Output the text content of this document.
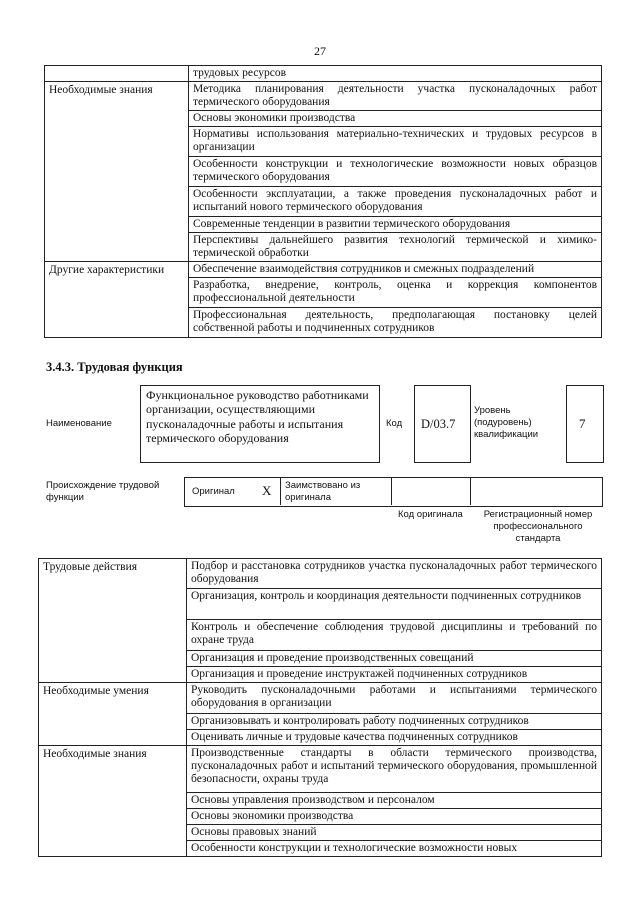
27
	трудовых ресурсов
Необходимые знания	Методика планирования деятельности участка пусконаладочных работ термического оборудования
	Основы экономики производства
	Нормативы использования материально-технических и трудовых ресурсов в организации
	Особенности конструкции и технологические возможности новых образцов термического оборудования
	Особенности эксплуатации, а также проведения пусконаладочных работ и испытаний нового термического оборудования
	Современные тенденции в развитии термического оборудования
	Перспективы дальнейшего развития технологий термической и химико-термической обработки
Другие характеристики	Обеспечение взаимодействия сотрудников и смежных подразделений
	Разработка, внедрение, контроль, оценка и коррекция компонентов профессиональной деятельности
	Профессиональная деятельность, предполагающая постановку целей собственной работы и подчиненных сотрудников
3.4.3. Трудовая функция
Наименование
Функциональное руководство работниками организации, осуществляющими пусконаладочные работы и испытания термического оборудования
Код D/03.7
Уровень (подуровень) квалификации
7
Происхождение трудовой функции
Оригинал X Заимствовано из оригинала
Код оригинала	Регистрационный номер профессионального стандарта
Трудовые действия	Подбор и расстановка сотрудников участка пусконаладочных работ термического оборудования
	Организация, контроль и координация деятельности подчиненных сотрудников
	Контроль и обеспечение соблюдения трудовой дисциплины и требований по охране труда
	Организация и проведение производственных совещаний
	Организация и проведение инструктажей подчиненных сотрудников
Необходимые умения	Руководить пусконаладочными работами и испытаниями термического оборудования в организации
	Организовывать и контролировать работу подчиненных сотрудников
	Оценивать личные и трудовые качества подчиненных сотрудников
Необходимые знания	Производственные стандарты в области термического производства, пусконаладочных работ и испытаний термического оборудования, промышленной безопасности, охраны труда
	Основы управления производством и персоналом
	Основы экономики производства
	Основы правовых знаний
	Особенности конструкции и технологические возможности новых
